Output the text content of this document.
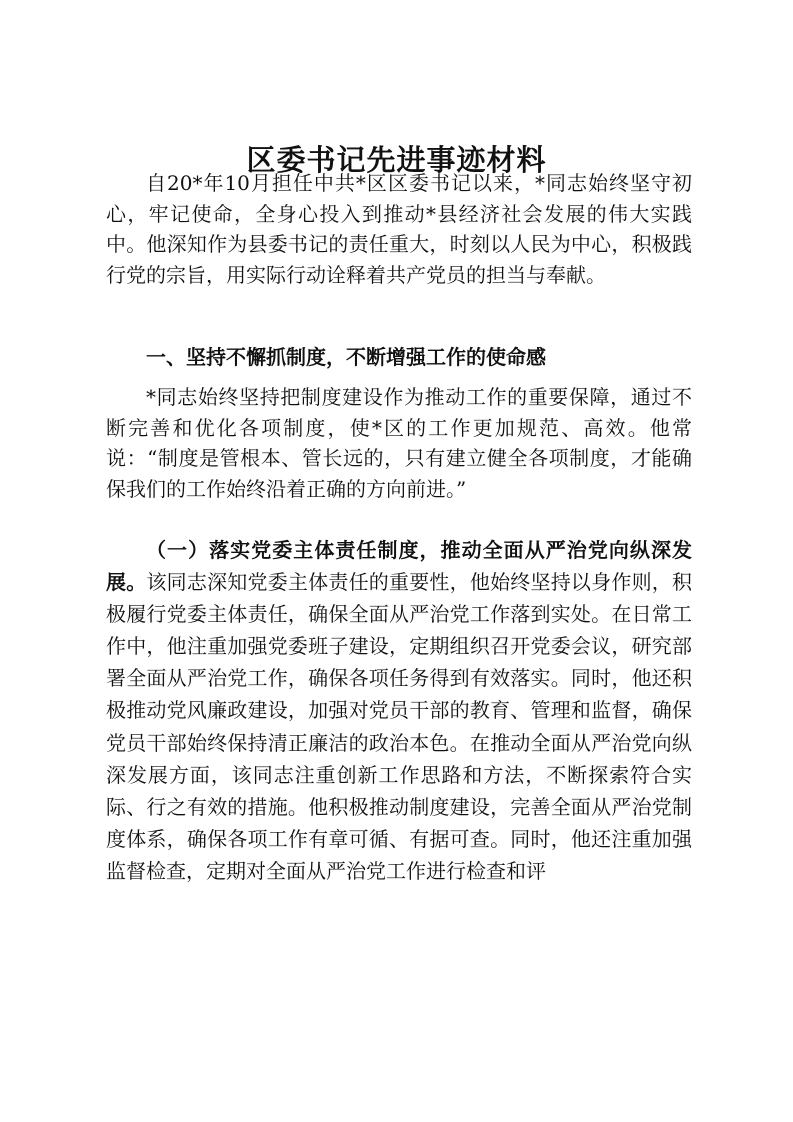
区委书记先进事迹材料

自20*年10月担任中共*区区委书记以来，*同志始终坚守初心，牢记使命，全身心投入到推动*县经济社会发展的伟大实践中。他深知作为县委书记的责任重大，时刻以人民为中心，积极践行党的宗旨，用实际行动诠释着共产党员的担当与奉献。

一、坚持不懈抓制度，不断增强工作的使命感

*同志始终坚持把制度建设作为推动工作的重要保障，通过不断完善和优化各项制度，使*区的工作更加规范、高效。他常说：“制度是管根本、管长远的，只有建立健全各项制度，才能确保我们的工作始终沿着正确的方向前进。”

（一）落实党委主体责任制度，推动全面从严治党向纵深发展。该同志深知党委主体责任的重要性，他始终坚持以身作则，积极履行党委主体责任，确保全面从严治党工作落到实处。在日常工作中，他注重加强党委班子建设，定期组织召开党委会议，研究部署全面从严治党工作，确保各项任务得到有效落实。同时，他还积极推动党风廉政建设，加强对党员干部的教育、管理和监督，确保党员干部始终保持清正廉洁的政治本色。在推动全面从严治党向纵深发展方面，该同志注重创新工作思路和方法，不断探索符合实际、行之有效的措施。他积极推动制度建设，完善全面从严治党制度体系，确保各项工作有章可循、有据可查。同时，他还注重加强监督检查，定期对全面从严治党工作进行检查和评
